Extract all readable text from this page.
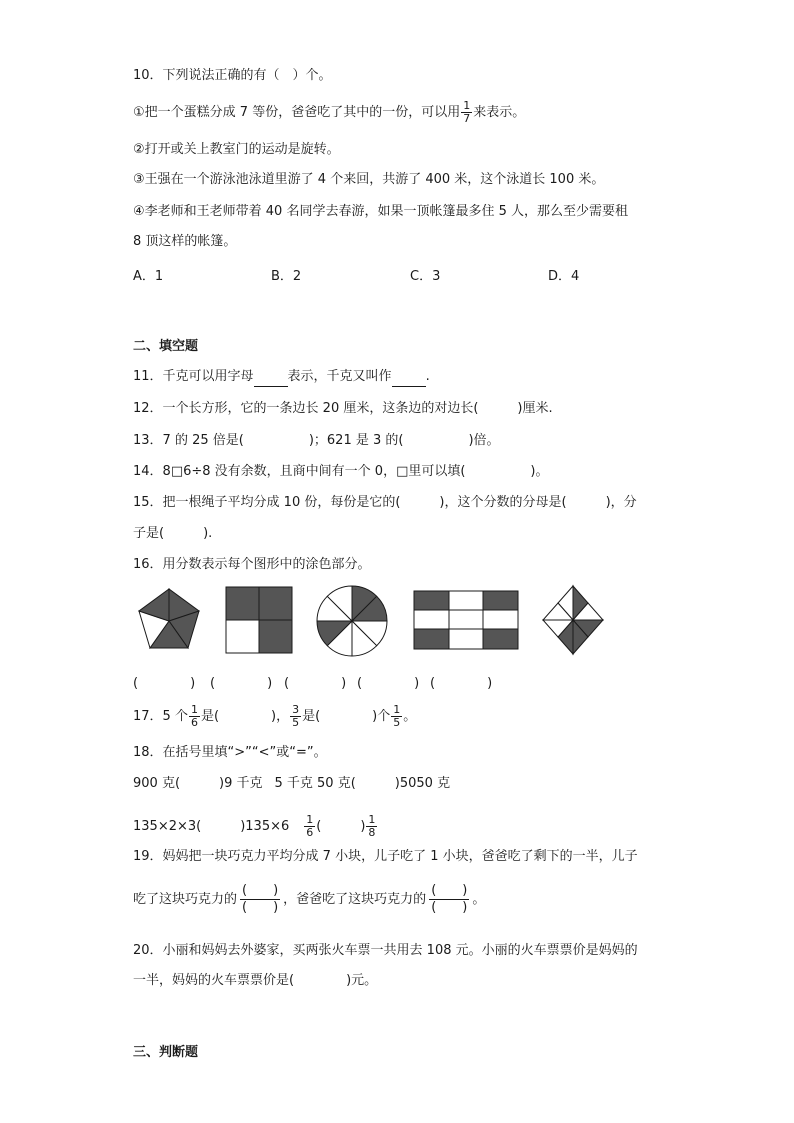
10．下列说法正确的有（　）个。
①把一个蛋糕分成 7 等份，爸爸吃了其中的一份，可以用 $\frac{1}{7}$ 来表示。
②打开或关上教室门的运动是旋转。
③王强在一个游泳池泳道里游了 4 个来回，共游了 400 米，这个泳道长 100 米。
④李老师和王老师带着 40 名同学去春游，如果一顶帐篷最多住 5 人，那么至少需要租
8 顶这样的帐篷。
A．1	B．2	C．3	D．4
二、填空题
11．千克可以用字母	表示，千克又叫作	.
12．一个长方形，它的一条边长 20 厘米，这条边的对边长(　　　)厘米.
13．7 的 25 倍是(　　　　　)；621 是 3 的(　　　　　)倍。
14．8□6÷8 没有余数，且商中间有一个 0，□里可以填(　　　　　)。
15．把一根绳子平均分成 10 份，每份是它的(　　　)，这个分数的分母是(　　　)，分
子是(　　　).
16．用分数表示每个图形中的涂色部分。
(　　　　) (　　　　) (　　　　) (　　　　) (　　　　)
17．5 个 $\frac{1}{6}$ 是(　　　　)， $\frac{3}{5}$ 是(　　　　)个 $\frac{1}{5}$ 。
18．在括号里填“>”“<”或“=”。
900 克(　　　)9 千克 5 千克 50 克(　　　)5050 克
135×2×3(　　　)$135\times 6 \frac{1}{6}$ (　　　) $\frac{1}{8}$
19．妈妈把一块巧克力平均分成 7 小块，儿子吃了 1 小块，爸爸吃了剩下的一半，儿子
吃了这块巧克力的 $\frac{( )}{( )}$ ，爸爸吃了这块巧克力的 $\frac{( )}{( )}$ 。
20．小丽和妈妈去外婆家，买两张火车票一共用去 108 元。小丽的火车票票价是妈妈的
一半，妈妈的火车票票价是(　　　　)元。
三、判断题
